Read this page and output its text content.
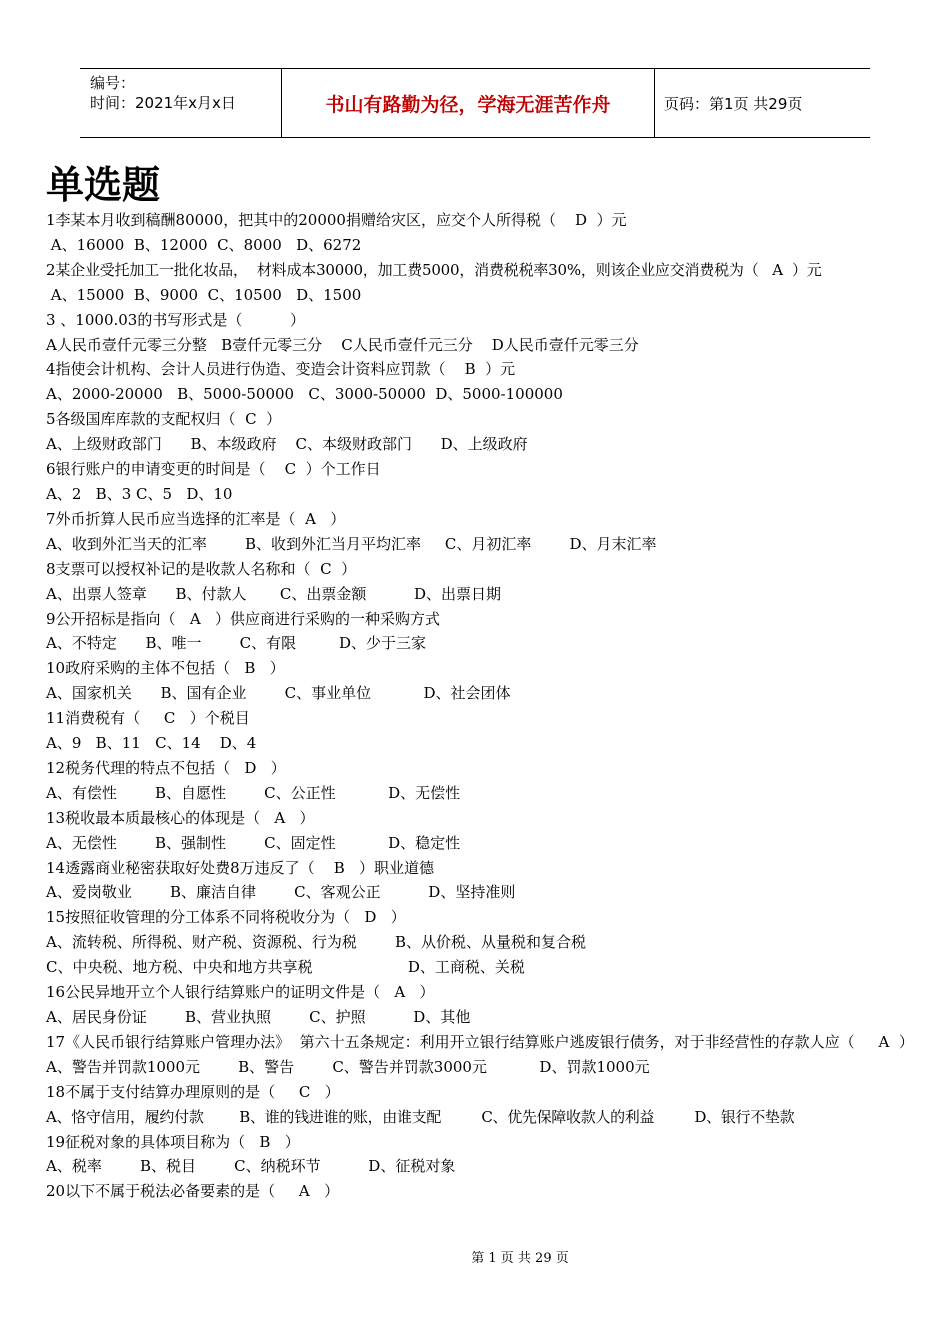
编号：
时间：2021年x月x日	书山有路勤为径，学海无涯苦作舟	页码：第1页 共29页
单选题
1李某本月收到稿酬80000，把其中的20000捐赠给灾区，应交个人所得税（    D  ）元
A、16000  B、12000  C、8000   D、6272
2某企业受托加工一批化妆品，  材料成本30000，加工费5000，消费税税率30%，则该企业应交消费税为（   A  ）元
A、15000  B、9000  C、10500   D、1500
3 、1000.03的书写形式是（          ）
A人民币壹仟元零三分整   B壹仟元零三分    C人民币壹仟元三分    D人民币壹仟元零三分
4指使会计机构、会计人员进行伪造、变造会计资料应罚款（    B  ）元
A、2000-20000   B、5000-50000   C、3000-50000  D、5000-100000
5各级国库库款的支配权归（  C  ）
A、上级财政部门      B、本级政府    C、本级财政部门      D、上级政府
6银行账户的申请变更的时间是（    C  ）个工作日
A、2   B、3 C、5   D、10
7外币折算人民币应当选择的汇率是（  A   ）
A、收到外汇当天的汇率        B、收到外汇当月平均汇率     C、月初汇率        D、月末汇率
8支票可以授权补记的是收款人名称和（  C  ）
A、出票人签章      B、付款人       C、出票金额          D、出票日期
9公开招标是指向（   A   ）供应商进行采购的一种采购方式
A、不特定      B、唯一        C、有限         D、少于三家
10政府采购的主体不包括（   B   ）
A、国家机关      B、国有企业        C、事业单位           D、社会团体
11消费税有（     C   ）个税目
A、9   B、11   C、14    D、4
12税务代理的特点不包括（   D   ）
A、有偿性        B、自愿性        C、公正性           D、无偿性
13税收最本质最核心的体现是（   A   ）
A、无偿性        B、强制性        C、固定性           D、稳定性
14透露商业秘密获取好处费8万违反了（    B   ）职业道德
A、爱岗敬业        B、廉洁自律        C、客观公正          D、坚持准则
15按照征收管理的分工体系不同将税收分为（   D   ）
A、流转税、所得税、财产税、资源税、行为税        B、从价税、从量税和复合税
C、中央税、地方税、中央和地方共享税                    D、工商税、关税
16公民异地开立个人银行结算账户的证明文件是（   A   ）
A、居民身份证        B、营业执照        C、护照          D、其他
17《人民币银行结算账户管理办法》  第六十五条规定：利用开立银行结算账户逃废银行债务，对于非经营性的存款人应（     A  ）
A、警告并罚款1000元        B、警告        C、警告并罚款3000元           D、罚款1000元
18不属于支付结算办理原则的是（     C   ）
A、恪守信用，履约付款        B、谁的钱进谁的账，由谁支配         C、优先保障收款人的利益         D、银行不垫款
19征税对象的具体项目称为（   B   ）
A、税率        B、税目        C、纳税环节          D、征税对象
20以下不属于税法必备要素的是（     A   ）
第 1 页 共 29 页
